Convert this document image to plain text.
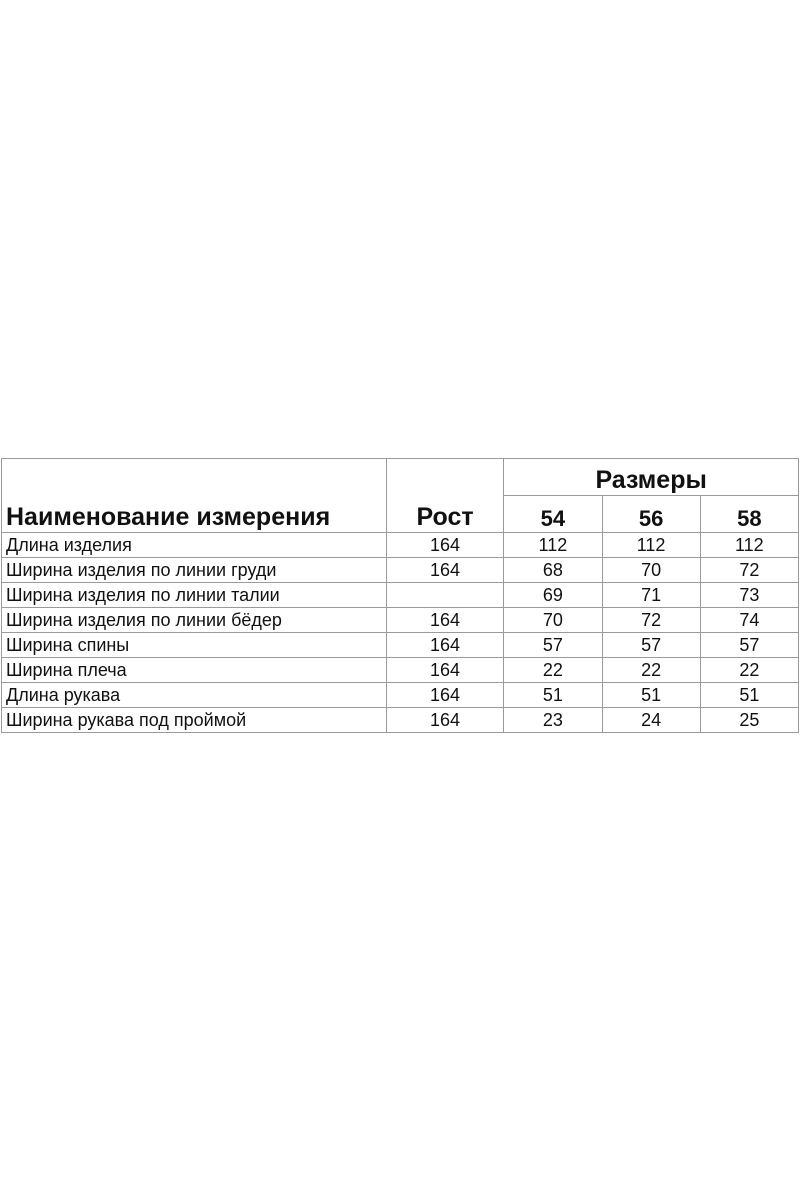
Наименование измерения	Рост	Размеры		
		54	56	58
Длина изделия	164	112	112	112
Ширина изделия по линии груди	164	68	70	72
Ширина изделия по линии талии		69	71	73
Ширина изделия по линии бёдер	164	70	72	74
Ширина спины	164	57	57	57
Ширина плеча	164	22	22	22
Длина рукава	164	51	51	51
Ширина рукава под проймой	164	23	24	25
